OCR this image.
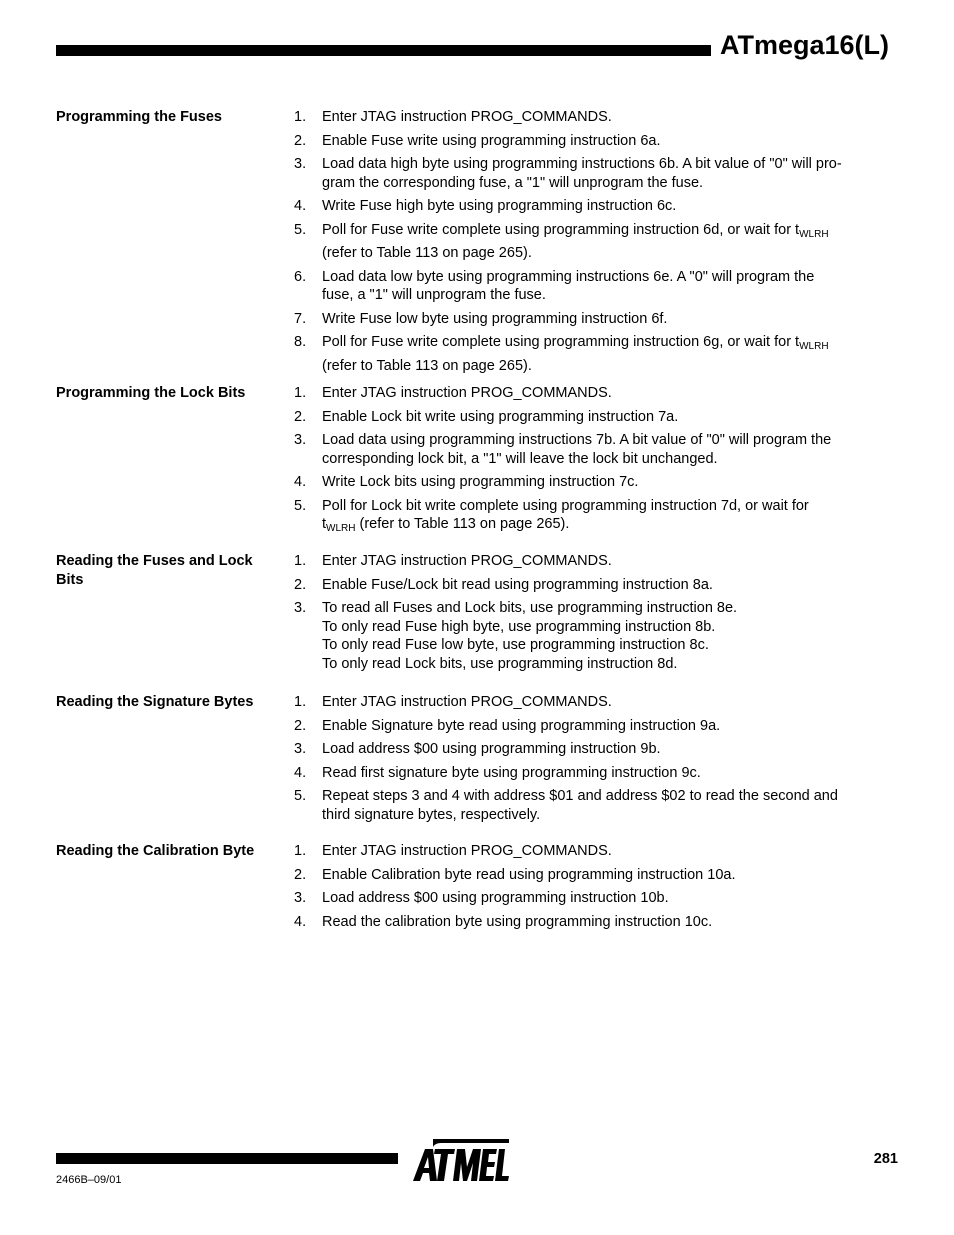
ATmega16(L)
Programming the Fuses	1.	Enter JTAG instruction PROG_COMMANDS.
2.	Enable Fuse write using programming instruction 6a.
3.	Load data high byte using programming instructions 6b. A bit value of "0" will pro-
gram the corresponding fuse, a "1" will unprogram the fuse.
4.	Write Fuse high byte using programming instruction 6c.
5.	Poll for Fuse write complete using programming instruction 6d, or wait for $t_{WLRH}$
(refer to Table 113 on page 265).
6.	Load data low byte using programming instructions 6e. A "0" will program the
fuse, a "1" will unprogram the fuse.
7.	Write Fuse low byte using programming instruction 6f.
8.	Poll for Fuse write complete using programming instruction 6g, or wait for $t_{WLRH}$
(refer to Table 113 on page 265).
Programming the Lock Bits	1.	Enter JTAG instruction PROG_COMMANDS.
2.	Enable Lock bit write using programming instruction 7a.
3.	Load data using programming instructions 7b. A bit value of "0" will program the
corresponding lock bit, a "1" will leave the lock bit unchanged.
4.	Write Lock bits using programming instruction 7c.
5.	Poll for Lock bit write complete using programming instruction 7d, or wait for
$t_{WLRH}$ (refer to Table 113 on page 265).
Reading the Fuses and Lock Bits
1.	Enter JTAG instruction PROG_COMMANDS.
2.	Enable Fuse/Lock bit read using programming instruction 8a.
3.	To read all Fuses and Lock bits, use programming instruction 8e.
To only read Fuse high byte, use programming instruction 8b.
To only read Fuse low byte, use programming instruction 8c.
To only read Lock bits, use programming instruction 8d.
Reading the Signature Bytes	1.	Enter JTAG instruction PROG_COMMANDS.
2.	Enable Signature byte read using programming instruction 9a.
3.	Load address $00 using programming instruction 9b.
4.	Read first signature byte using programming instruction 9c.
5.	Repeat steps 3 and 4 with address $01 and address $02 to read the second and
third signature bytes, respectively.
Reading the Calibration Byte	1.	Enter JTAG instruction PROG_COMMANDS.
2.	Enable Calibration byte read using programming instruction 10a.
3.	Load address $00 using programming instruction 10b.
4.	Read the calibration byte using programming instruction 10c.
281
2466B–09/01
